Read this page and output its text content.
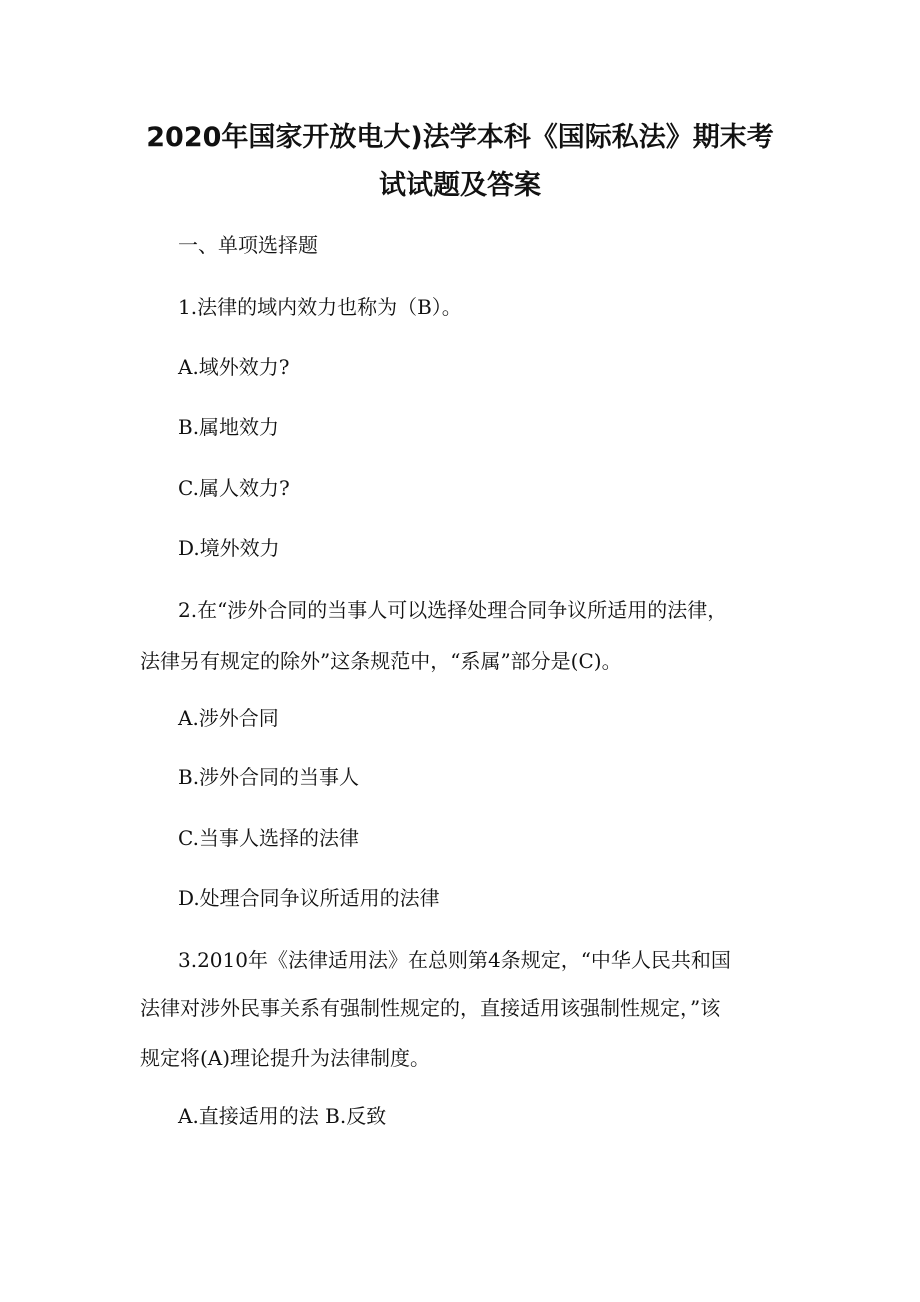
2020年国家开放电大)法学本科《国际私法》期末考
试试题及答案

一、单项选择题

1.法律的域内效力也称为（B）。

A.域外效力?

B.属地效力

C.属人效力?

D.境外效力

2.在“涉外合同的当事人可以选择处理合同争议所适用的法律，

法律另有规定的除外”这条规范中，“系属”部分是(C)。

A.涉外合同

B.涉外合同的当事人

C.当事人选择的法律

D.处理合同争议所适用的法律

3.2010年《法律适用法》在总则第4条规定，“中华人民共和国

法律对涉外民事关系有强制性规定的，直接适用该强制性规定，”该

规定将(A)理论提升为法律制度。

A.直接适用的法 B.反致
